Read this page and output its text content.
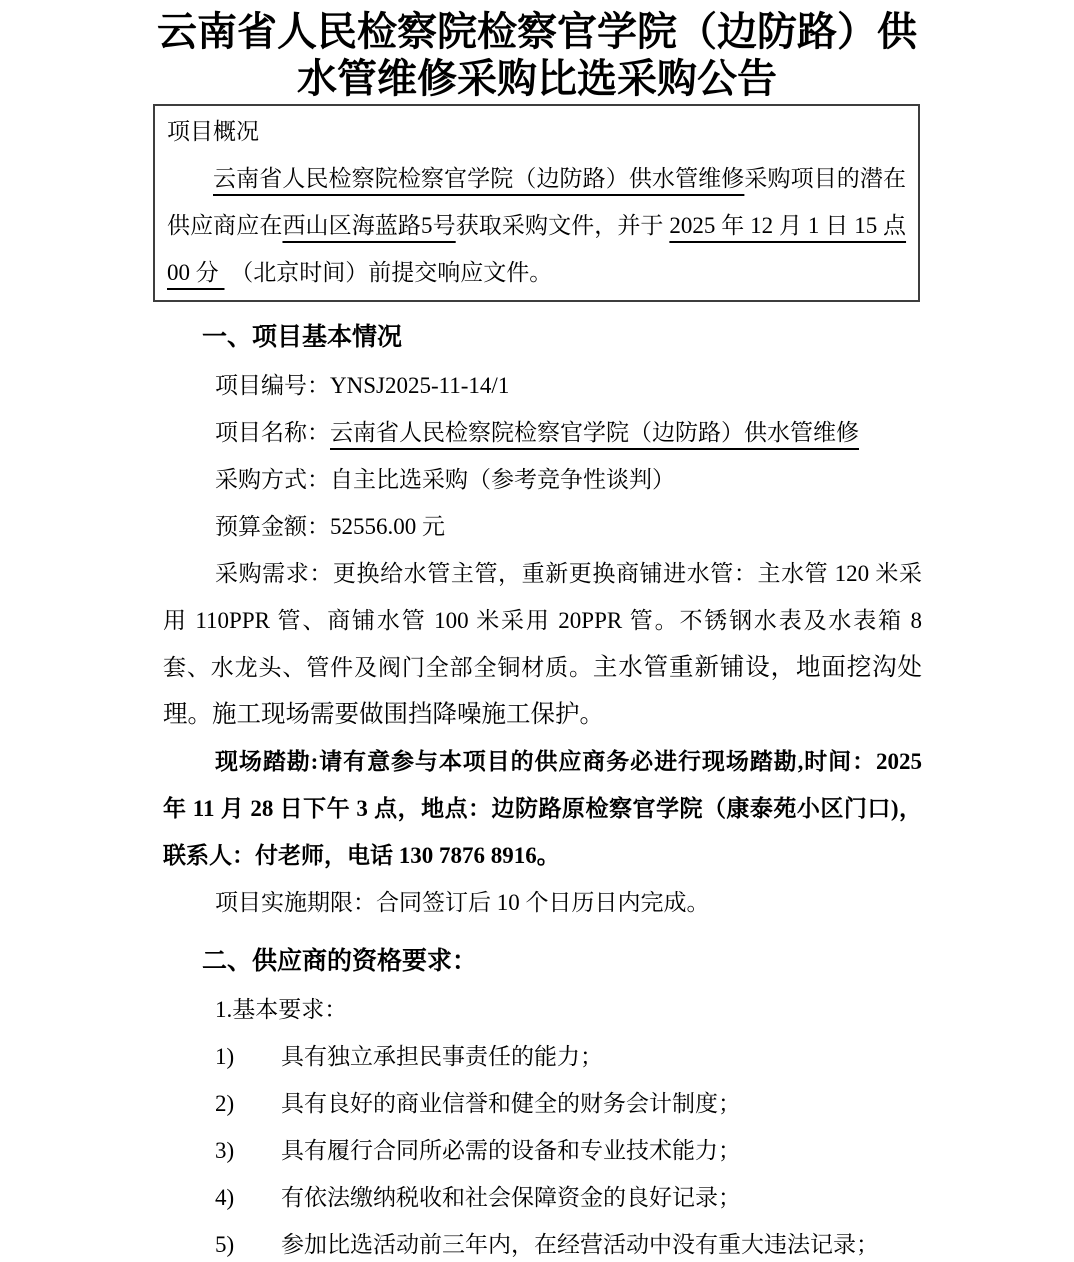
云南省人民检察院检察官学院（边防路）供水管维修采购比选采购公告

项目概况

云南省人民检察院检察官学院（边防路）供水管维修采购项目的潜在供应商应在西山区海蓝路5号获取采购文件，并于 2025 年 12 月 1 日 15 点 00 分  （北京时间）前提交响应文件。

一、项目基本情况

项目编号：YNSJ2025-11-14/1

项目名称：云南省人民检察院检察官学院（边防路）供水管维修

采购方式：自主比选采购（参考竞争性谈判）

预算金额：52556.00 元

采购需求：更换给水管主管，重新更换商铺进水管：主水管 120 米采用 110PPR 管、商铺水管 100 米采用 20PPR 管。不锈钢水表及水表箱 8 套、水龙头、管件及阀门全部全铜材质。主水管重新铺设，地面挖沟处理。施工现场需要做围挡降噪施工保护。

现场踏勘:请有意参与本项目的供应商务必进行现场踏勘,时间：2025 年 11 月 28 日下午 3 点，地点：边防路原检察官学院（康泰苑小区门口)，联系人：付老师，电话 130 7876 8916。

项目实施期限：合同签订后 10 个日历日内完成。

二、供应商的资格要求：

1.基本要求：

1) 具有独立承担民事责任的能力；

2) 具有良好的商业信誉和健全的财务会计制度；

3) 具有履行合同所必需的设备和专业技术能力；

4) 有依法缴纳税收和社会保障资金的良好记录；

5) 参加比选活动前三年内，在经营活动中没有重大违法记录；
